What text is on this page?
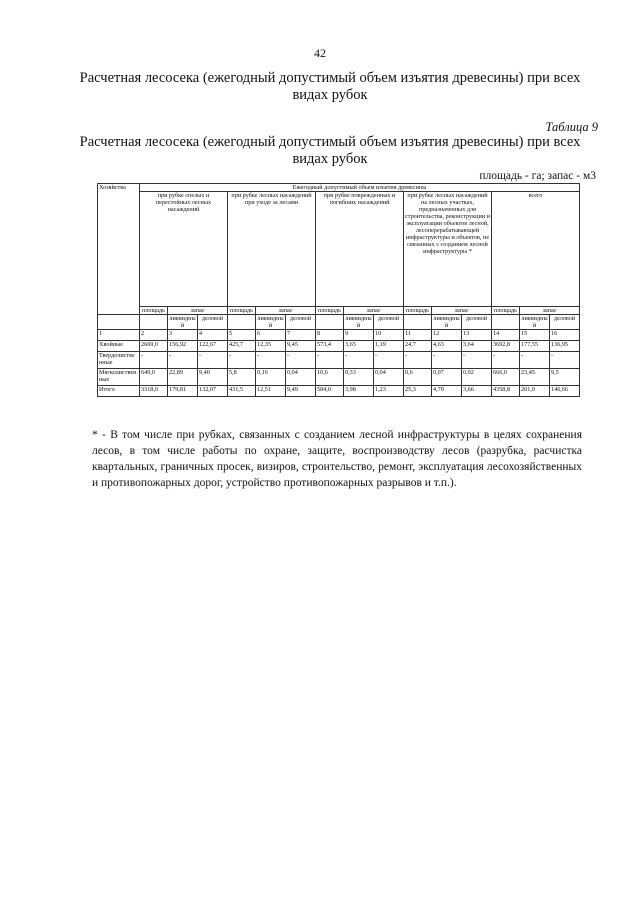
42
Расчетная лесосека (ежегодный допустимый объем изъятия древесины) при всех видах рубок
Таблица 9
Расчетная лесосека (ежегодный допустимый объем изъятия древесины) при всех видах рубок
площадь - га; запас - м3
Хозяйства	Ежегодный допустимый объем изъятия древесины														
	при рубке спелых и перестойных лесных насаждений			при рубке лесных насаждений при уходе за лесами			при рубке поврежденных и погибших насаждений			при рубке лесных насаждений на лесных участках, предназначенных для строительства, реконструкции и эксплуатации объектов лесной, лесоперерабатывающей инфраструктуры и объектов, не связанных с созданием лесной инфраструктуры *			всего		
	площадь	запас		площадь	запас		площадь	запас		площадь	запас		площадь	запас	
		ликвидный	деловой		ликвидный	деловой		ликвидный	деловой		ликвидный	деловой		ликвидный	деловой
1	2	3	4	5	6	7	8	9	10	11	12	13	14	15	16
Хвойные	2669,0	156,92	122,67	425,7	12,35	9,45	573,4	3,65	1,19	24,7	4,63	3,64	3692,8	177,55	136,95
Твердолиственные	-	-	-	-	-	-	-	-	-	-	-	-	-	-	-
Мягколиственные	649,0	22,89	9,40	5,8	0,16	0,04	10,6	0,33	0,04	0,6	0,07	0,02	666,0	23,45	9,5
Итого	3318,0	179,81	132,07	431,5	12,51	9,49	584,0	3,98	1,23	25,3	4,70	3,66	4358,8	201,0	146,66
* - В том числе при рубках, связанных с созданием лесной инфраструктуры в целях сохранения лесов, в том числе работы по охране, защите, воспроизводству лесов (разрубка, расчистка квартальных, граничных просек, визиров, строительство, ремонт, эксплуатация лесохозяйственных и противопожарных дорог, устройство противопожарных разрывов и т.п.).
